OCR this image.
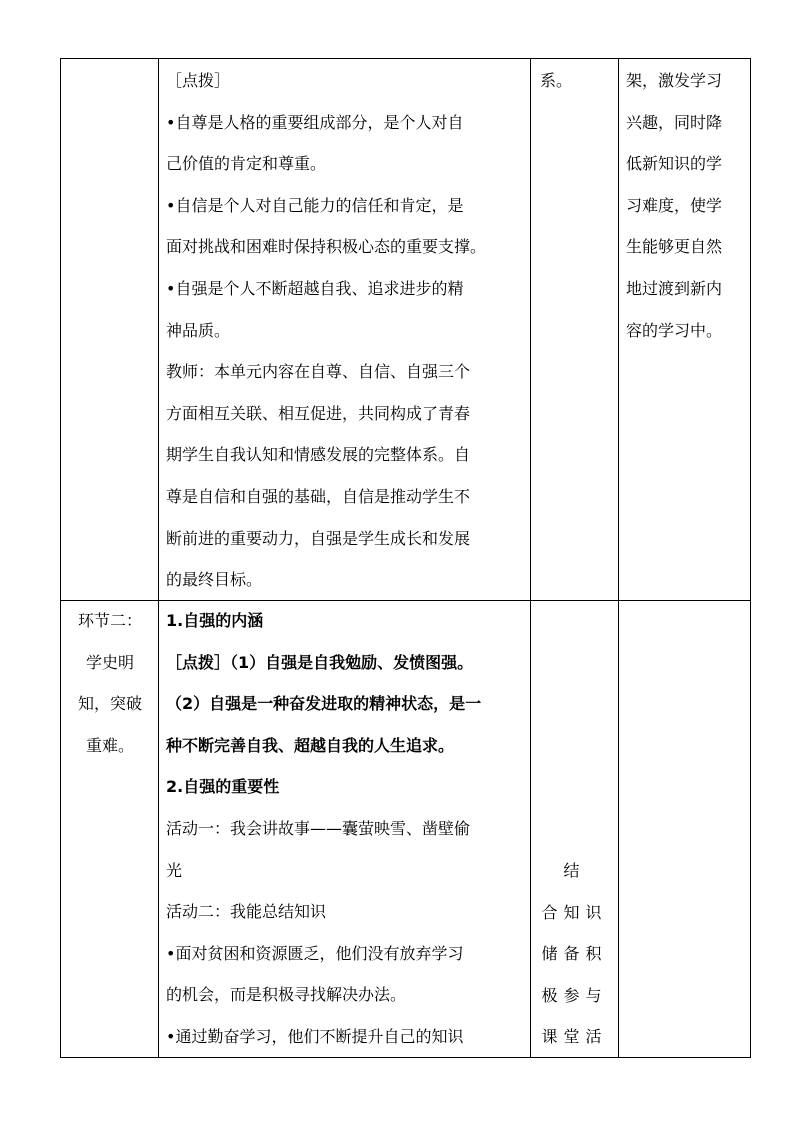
［点拨］

•自尊是人格的重要组成部分，是个人对自

己价值的肯定和尊重。

•自信是个人对自己能力的信任和肯定，是

面对挑战和困难时保持积极心态的重要支撑。

•自强是个人不断超越自我、追求进步的精

神品质。

教师：本单元内容在自尊、自信、自强三个

方面相互关联、相互促进，共同构成了青春

期学生自我认知和情感发展的完整体系。自

尊是自信和自强的基础，自信是推动学生不

断前进的重要动力，自强是学生成长和发展

的最终目标。

系。	架，激发学习

兴趣，同时降

低新知识的学

习难度，使学

生能够更自然

地过渡到新内

容的学习中。

环节二：

学史明

知，突破

重难。

1.自强的内涵

［点拨］（1）自强是自我勉励、发愤图强。

（2）自强是一种奋发进取的精神状态，是一

种不断完善自我、超越自我的人生追求。

2.自强的重要性

活动一：我会讲故事——囊萤映雪、凿壁偷

光

活动二：我能总结知识

•面对贫困和资源匮乏，他们没有放弃学习

的机会，而是积极寻找解决办法。

•通过勤奋学习，他们不断提升自己的知识

结

合知识

储备积

极参与

课堂活
